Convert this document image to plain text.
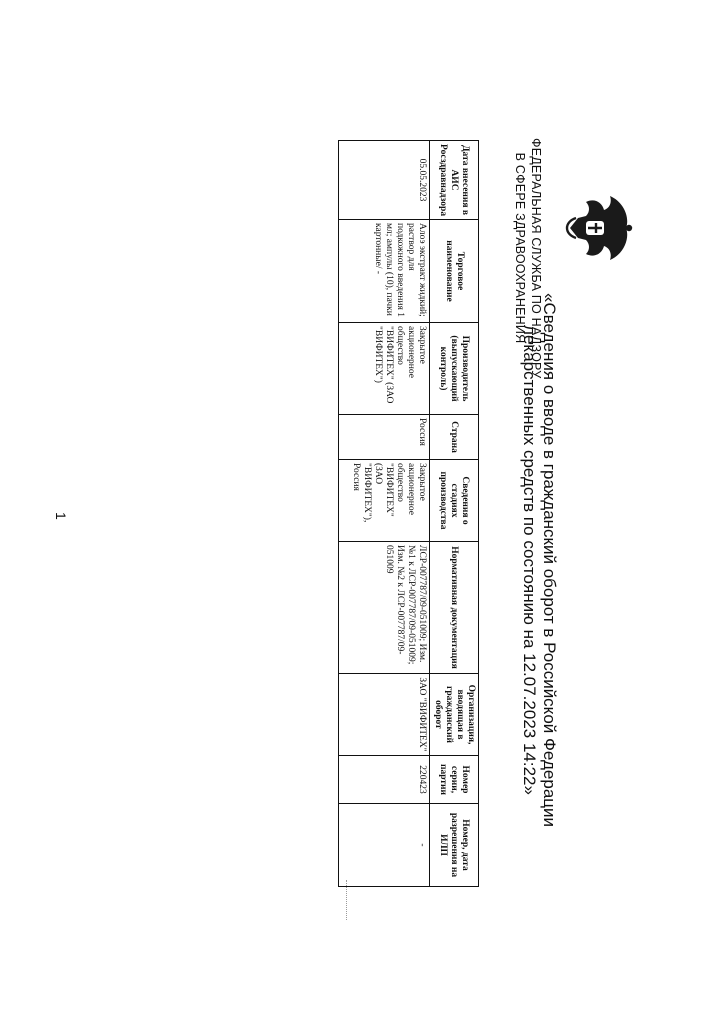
ФЕДЕРАЛЬНАЯ СЛУЖБА ПО НАДЗОРУ
В СФЕРЕ ЗДРАВООХРАНЕНИЯ
«Сведения о вводе в гражданский оборот в Российской Федерации
лекарственных средств по состоянию на 12.07.2023 14:22»
Дата внесения в АИС Росздравнадзора	Торговое наименование	Производитель (выпускающий контроль)	Страна	Сведения о стадиях производства	Нормативная документация	Организация, вводящая в гражданский оборот	Номер серии, партии	Номер, дата разрешения на ИЛП
05.05.2023	Алоэ экстракт жидкий; раствор для подкожного введения 1 мл; ампулы (10), пачки картонные/ -	Закрытое акционерное общество "ВИФИТЕХ" (ЗАО "ВИФИТЕХ")	Россия	Закрытое акционерное общество "ВИФИТЕХ" (ЗАО "ВИФИТЕХ"), Россия	ЛСР-007787/09-051009; Изм. №1 к ЛСР-007787/09-051009; Изм. №2 к ЛСР-007787/09-051009	ЗАО "ВИФИТЕХ"	220423	-
1
